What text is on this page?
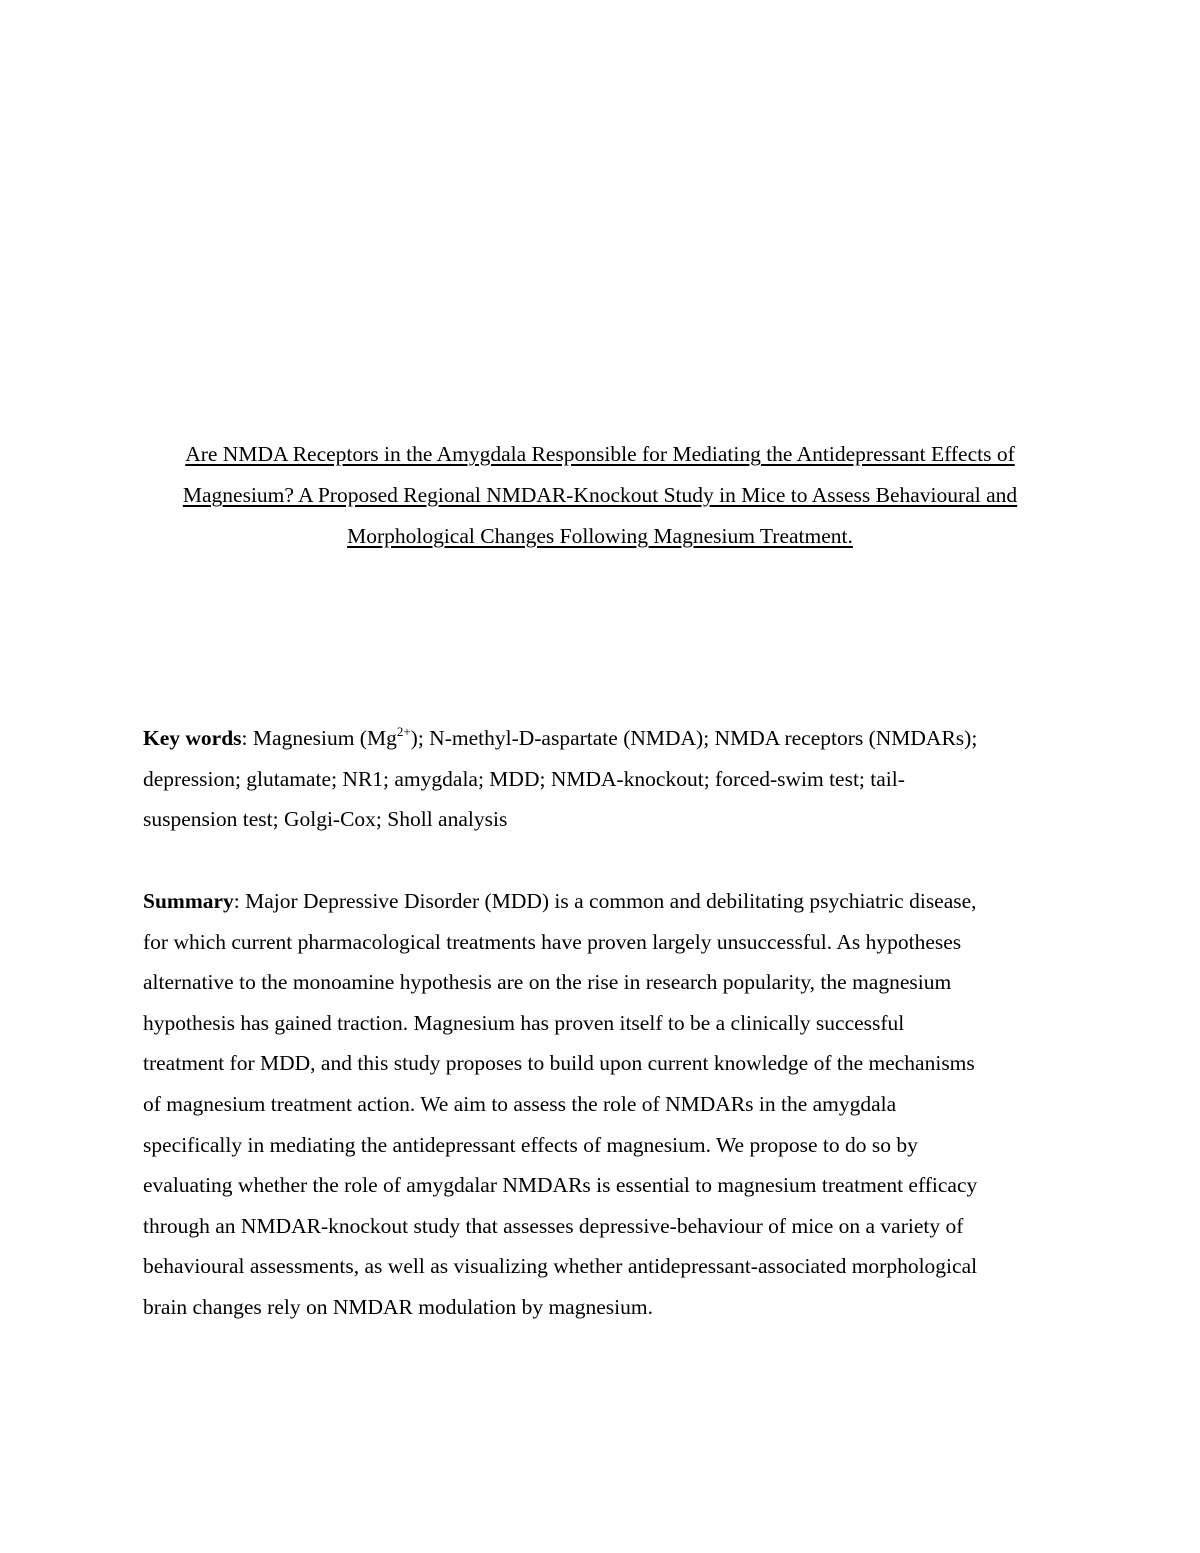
Are NMDA Receptors in the Amygdala Responsible for Mediating the Antidepressant Effects of
Magnesium? A Proposed Regional NMDAR-Knockout Study in Mice to Assess Behavioural and
Morphological Changes Following Magnesium Treatment.
Key words: Magnesium $(Mg^{2+})$; N-methyl-D-aspartate (NMDA); NMDA receptors (NMDARs);
depression; glutamate; NR1; amygdala; MDD; NMDA-knockout; forced-swim test; tail-
suspension test; Golgi-Cox; Sholl analysis
Summary: Major Depressive Disorder (MDD) is a common and debilitating psychiatric disease,
for which current pharmacological treatments have proven largely unsuccessful. As hypotheses
alternative to the monoamine hypothesis are on the rise in research popularity, the magnesium
hypothesis has gained traction. Magnesium has proven itself to be a clinically successful
treatment for MDD, and this study proposes to build upon current knowledge of the mechanisms
of magnesium treatment action. We aim to assess the role of NMDARs in the amygdala
specifically in mediating the antidepressant effects of magnesium. We propose to do so by
evaluating whether the role of amygdalar NMDARs is essential to magnesium treatment efficacy
through an NMDAR-knockout study that assesses depressive-behaviour of mice on a variety of
behavioural assessments, as well as visualizing whether antidepressant-associated morphological
brain changes rely on NMDAR modulation by magnesium.
